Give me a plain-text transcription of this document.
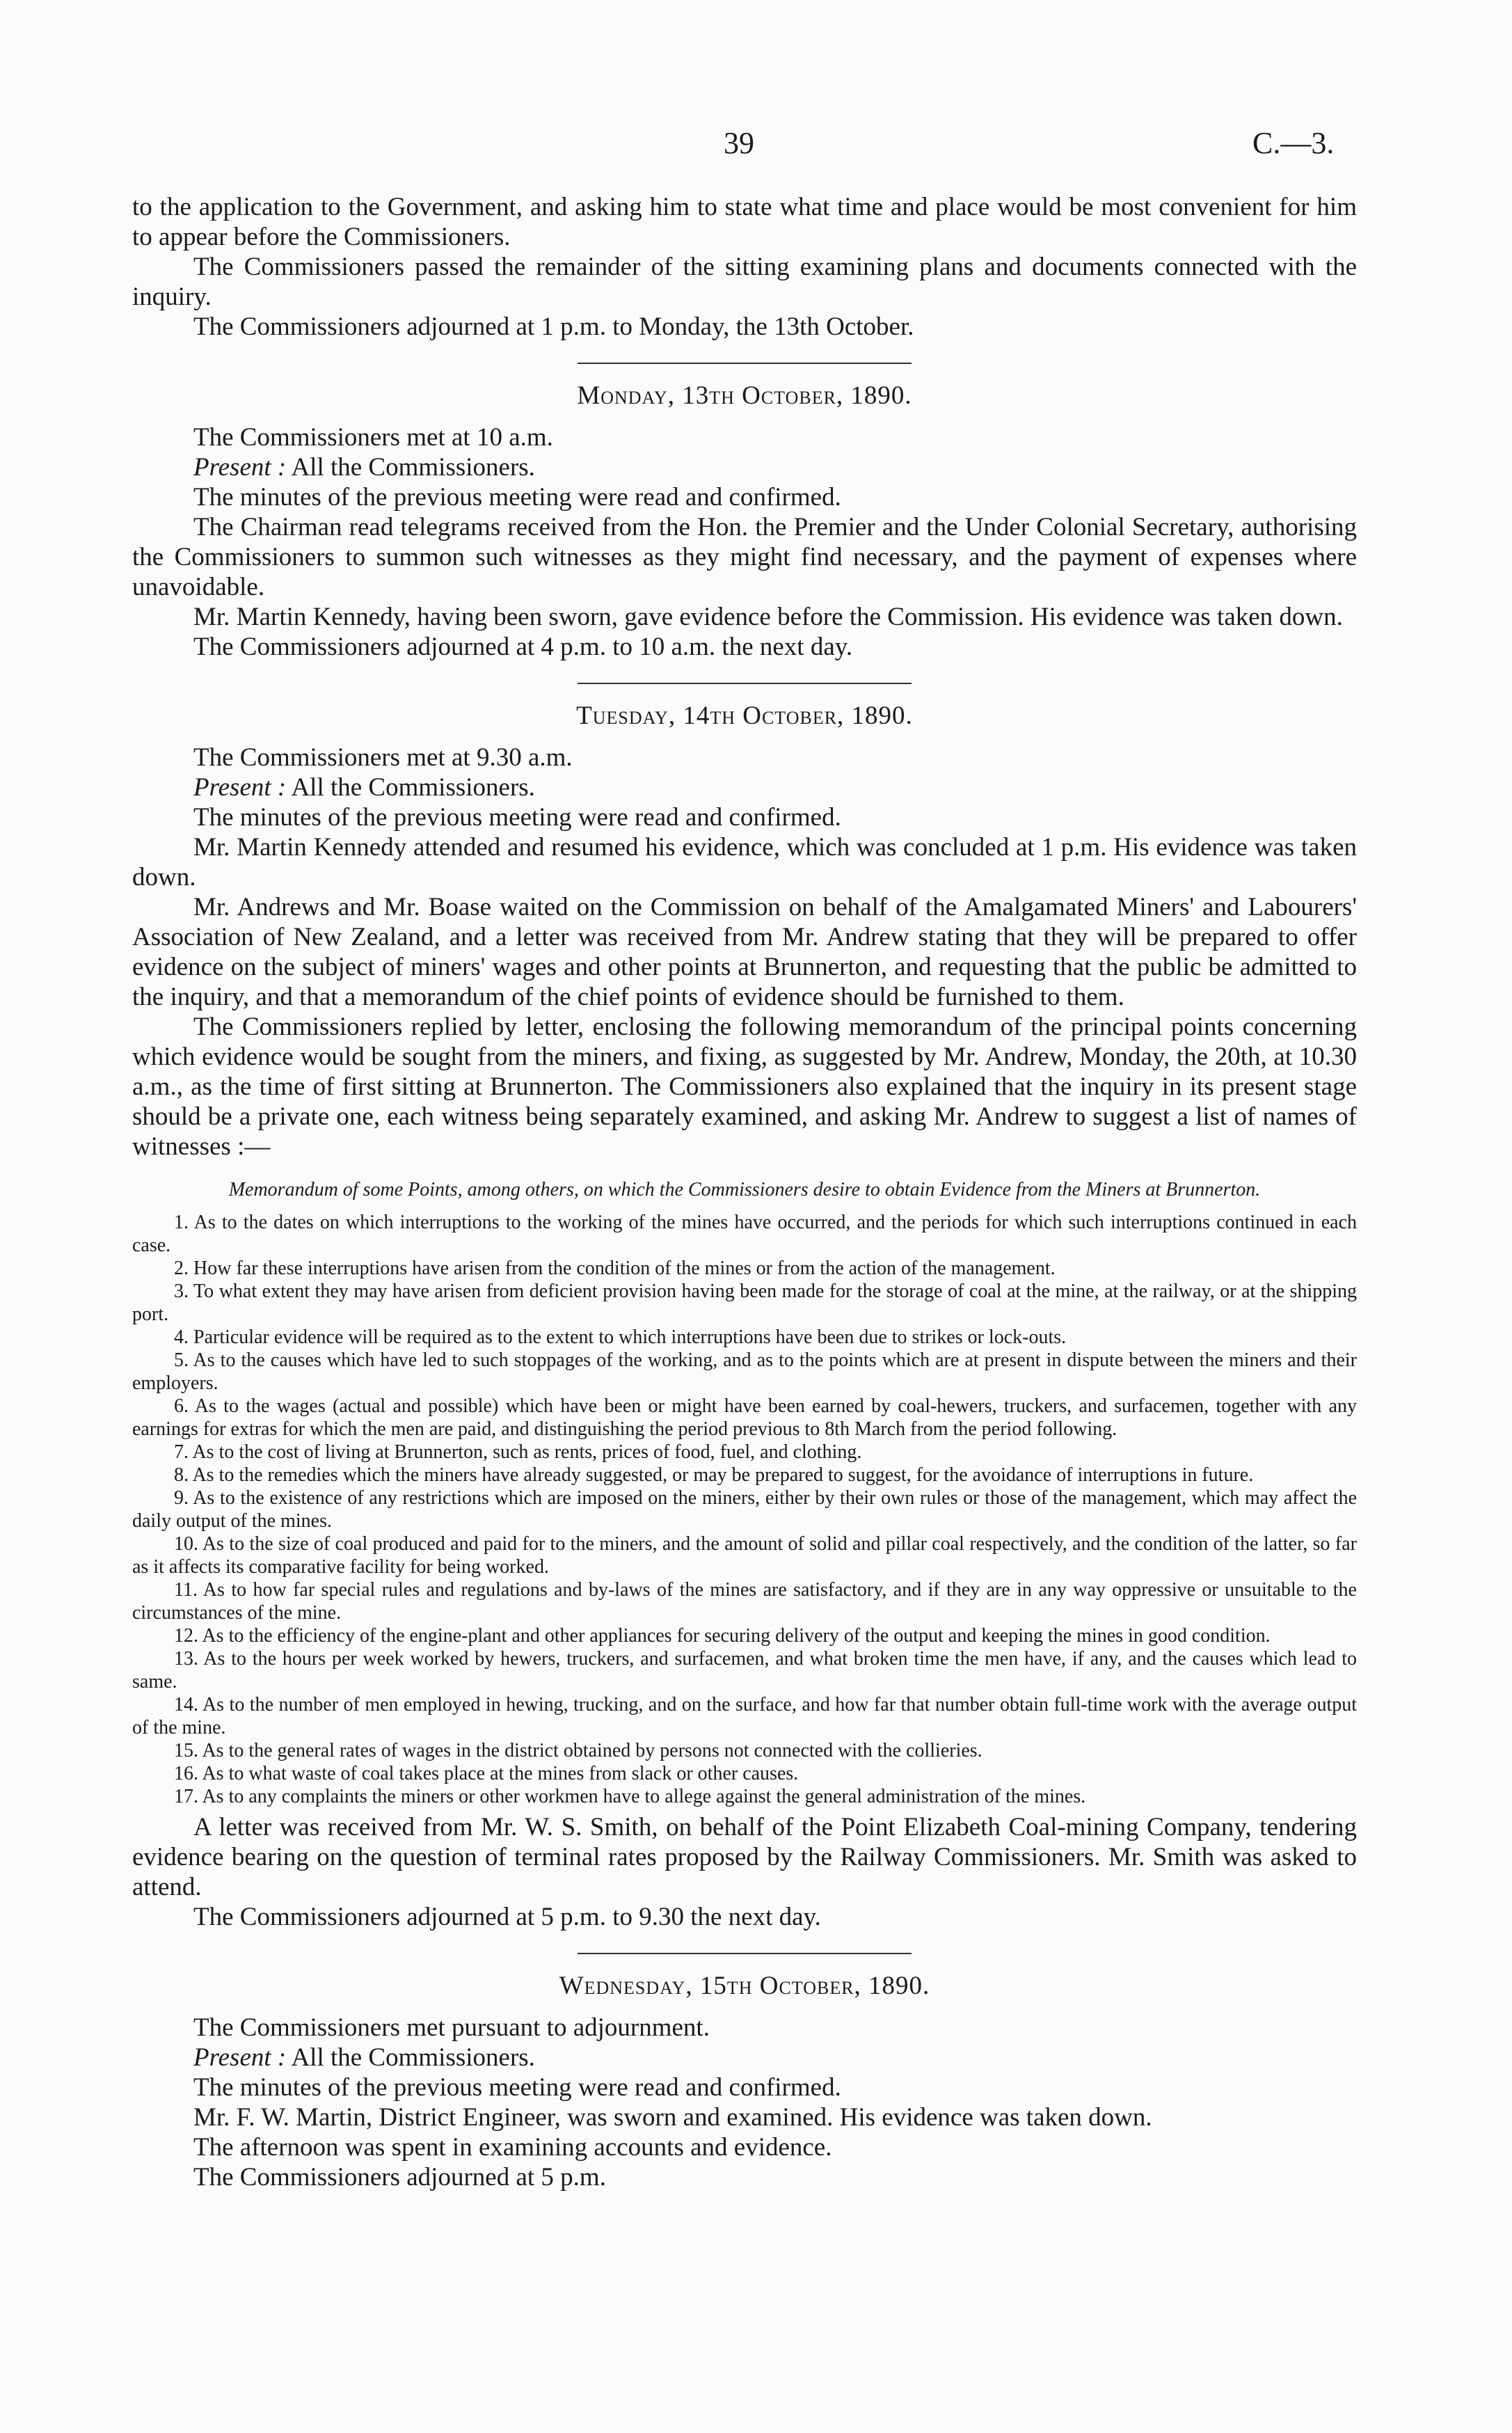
39	C.—3.

to the application to the Government, and asking him to state what time and place would be most convenient for him to appear before the Commissioners.

The Commissioners passed the remainder of the sitting examining plans and documents connected with the inquiry.

The Commissioners adjourned at 1 p.m. to Monday, the 13th October.

Monday, 13th October, 1890.

The Commissioners met at 10 a.m.

Present : All the Commissioners.

The minutes of the previous meeting were read and confirmed.

The Chairman read telegrams received from the Hon. the Premier and the Under Colonial Secretary, authorising the Commissioners to summon such witnesses as they might find necessary, and the payment of expenses where unavoidable.

Mr. Martin Kennedy, having been sworn, gave evidence before the Commission. His evidence was taken down.

The Commissioners adjourned at 4 p.m. to 10 a.m. the next day.

Tuesday, 14th October, 1890.

The Commissioners met at 9.30 a.m.

Present : All the Commissioners.

The minutes of the previous meeting were read and confirmed.

Mr. Martin Kennedy attended and resumed his evidence, which was concluded at 1 p.m. His evidence was taken down.

Mr. Andrews and Mr. Boase waited on the Commission on behalf of the Amalgamated Miners' and Labourers' Association of New Zealand, and a letter was received from Mr. Andrew stating that they will be prepared to offer evidence on the subject of miners' wages and other points at Brunnerton, and requesting that the public be admitted to the inquiry, and that a memorandum of the chief points of evidence should be furnished to them.

The Commissioners replied by letter, enclosing the following memorandum of the principal points concerning which evidence would be sought from the miners, and fixing, as suggested by Mr. Andrew, Monday, the 20th, at 10.30 a.m., as the time of first sitting at Brunnerton. The Commissioners also explained that the inquiry in its present stage should be a private one, each witness being separately examined, and asking Mr. Andrew to suggest a list of names of witnesses :—

Memorandum of some Points, among others, on which the Commissioners desire to obtain Evidence from the Miners at Brunnerton.

1. As to the dates on which interruptions to the working of the mines have occurred, and the periods for which such interruptions continued in each case.

2. How far these interruptions have arisen from the condition of the mines or from the action of the management.

3. To what extent they may have arisen from deficient provision having been made for the storage of coal at the mine, at the railway, or at the shipping port.

4. Particular evidence will be required as to the extent to which interruptions have been due to strikes or lock-outs.

5. As to the causes which have led to such stoppages of the working, and as to the points which are at present in dispute between the miners and their employers.

6. As to the wages (actual and possible) which have been or might have been earned by coal-hewers, truckers, and surfacemen, together with any earnings for extras for which the men are paid, and distinguishing the period previous to 8th March from the period following.

7. As to the cost of living at Brunnerton, such as rents, prices of food, fuel, and clothing.

8. As to the remedies which the miners have already suggested, or may be prepared to suggest, for the avoidance of interruptions in future.

9. As to the existence of any restrictions which are imposed on the miners, either by their own rules or those of the management, which may affect the daily output of the mines.

10. As to the size of coal produced and paid for to the miners, and the amount of solid and pillar coal respectively, and the condition of the latter, so far as it affects its comparative facility for being worked.

11. As to how far special rules and regulations and by-laws of the mines are satisfactory, and if they are in any way oppressive or unsuitable to the circumstances of the mine.

12. As to the efficiency of the engine-plant and other appliances for securing delivery of the output and keeping the mines in good condition.

13. As to the hours per week worked by hewers, truckers, and surfacemen, and what broken time the men have, if any, and the causes which lead to same.

14. As to the number of men employed in hewing, trucking, and on the surface, and how far that number obtain full-time work with the average output of the mine.

15. As to the general rates of wages in the district obtained by persons not connected with the collieries.

16. As to what waste of coal takes place at the mines from slack or other causes.

17. As to any complaints the miners or other workmen have to allege against the general administration of the mines.

A letter was received from Mr. W. S. Smith, on behalf of the Point Elizabeth Coal-mining Company, tendering evidence bearing on the question of terminal rates proposed by the Railway Commissioners. Mr. Smith was asked to attend.

The Commissioners adjourned at 5 p.m. to 9.30 the next day.

Wednesday, 15th October, 1890.

The Commissioners met pursuant to adjournment.

Present : All the Commissioners.

The minutes of the previous meeting were read and confirmed.

Mr. F. W. Martin, District Engineer, was sworn and examined. His evidence was taken down.

The afternoon was spent in examining accounts and evidence.

The Commissioners adjourned at 5 p.m.
